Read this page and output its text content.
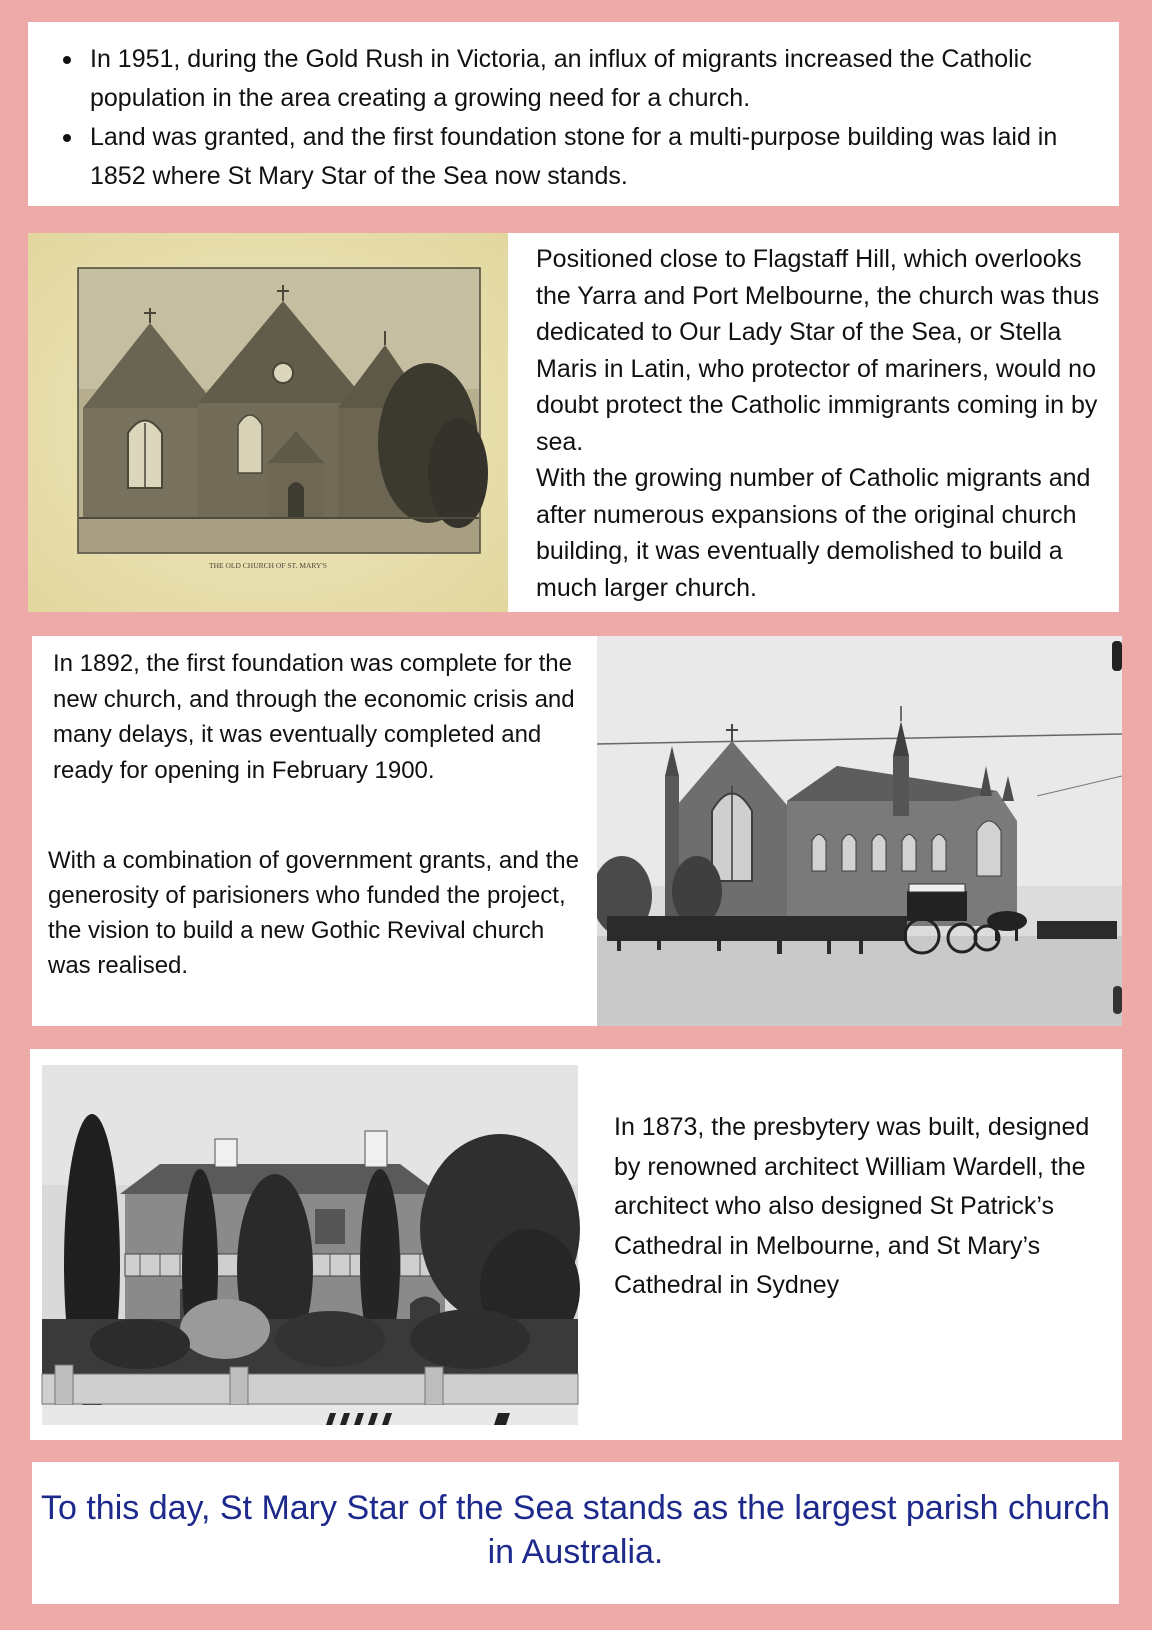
In 1951, during the Gold Rush in Victoria, an influx of migrants increased the Catholic population in the area creating a growing need for a church.
Land was granted, and the first foundation stone for a multi-purpose building was laid in 1852 where St Mary Star of the Sea now stands.
THE OLD CHURCH OF ST. MARY'S

Positioned close to Flagstaff Hill, which overlooks the Yarra and Port Melbourne, the church was thus dedicated to Our Lady Star of the Sea, or Stella Maris in Latin, who protector of mariners, would no doubt protect the Catholic immigrants coming in by sea.

With the growing number of Catholic migrants and after numerous expansions of the original church building, it was eventually demolished to build a much larger church.

In 1892, the first foundation was complete for the new church, and through the economic crisis and many delays, it was eventually completed and ready for opening in February 1900.

With a combination of government grants, and the generosity of parisioners who funded the project, the vision to build a new Gothic Revival church was realised.

In 1873, the presbytery was built, designed by renowned architect William Wardell, the architect who also designed St Patrick’s Cathedral in Melbourne, and St Mary’s Cathedral in Sydney

To this day, St Mary Star of the Sea stands as the largest parish church in Australia.
